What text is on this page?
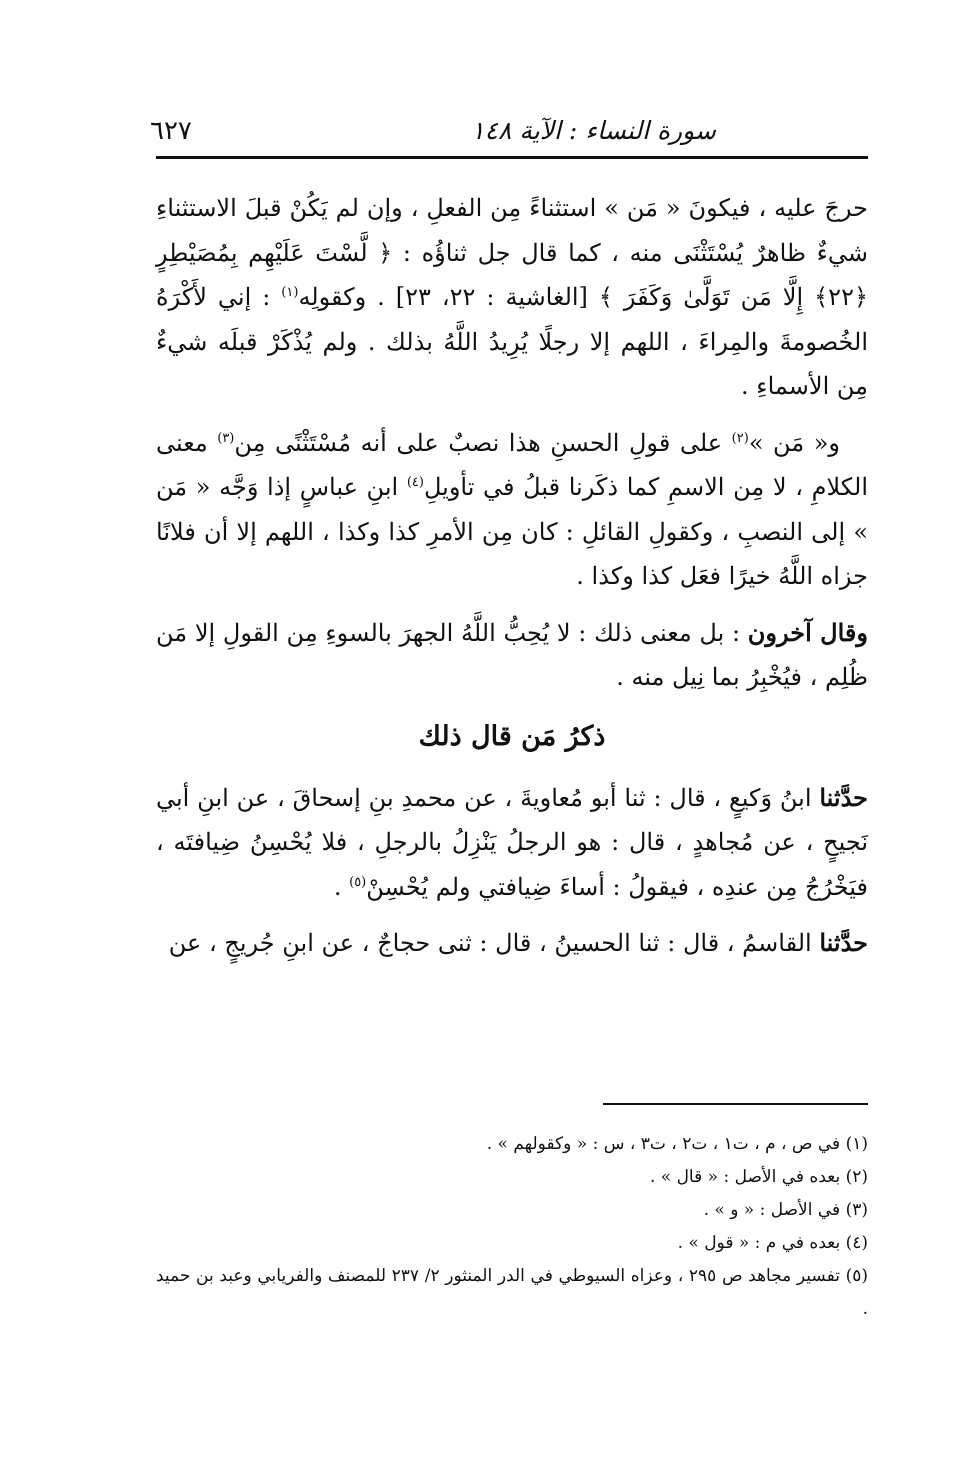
سورة النساء : الآية ١٤٨
٦٢٧

حرجَ عليه ، فيكونَ « مَن » استثناءً مِن الفعلِ ، وإن لم يَكُنْ قبلَ الاستثناءِ شيءٌ ظاهرٌ يُسْتَثْنَى منه ، كما قال جل ثناؤُه : ﴿ لَّسْتَ عَلَيْهِم بِمُصَيْطِرٍ ﴿٢٢﴾ إِلَّا مَن تَوَلَّىٰ وَكَفَرَ ﴾ [الغاشية : ٢٢، ٢٣] . وكقولِه$^{(١)}$ : إني لأَكْرَهُ الخُصومةَ والمِراءَ ، اللهم إلا رجلًا يُرِيدُ اللَّهُ بذلك . ولم يُذْكَرْ قبلَه شيءٌ مِن الأسماءِ .

و« مَن »$^{(٢)}$ على قولِ الحسنِ هذا نصبٌ على أنه مُسْتَثْنًى مِن$^{(٣)}$ معنى الكلامِ ، لا مِن الاسمِ كما ذكَرنا قبلُ في تأويلِ$^{(٤)}$ ابنِ عباسٍ إذا وَجَّه « مَن » إلى النصبِ ، وكقولِ القائلِ : كان مِن الأمرِ كذا وكذا ، اللهم إلا أن فلانًا جزاه اللَّهُ خيرًا فعَل كذا وكذا .

وقال آخرون : بل معنى ذلك : لا يُحِبُّ اللَّهُ الجهرَ بالسوءِ مِن القولِ إلا مَن ظُلِم ، فيُخْبِرُ بما نِيل منه .

ذكرُ مَن قال ذلك

حدَّثنا ابنُ وَكيعٍ ، قال : ثنا أبو مُعاويةَ ، عن محمدِ بنِ إسحاقَ ، عن ابنِ أبي نَجيحٍ ، عن مُجاهدٍ ، قال : هو الرجلُ يَنْزِلُ بالرجلِ ، فلا يُحْسِنُ ضِيافتَه ، فيَخْرُجُ مِن عندِه ، فيقولُ : أساءَ ضِيافتي ولم يُحْسِنْ$^{(٥)}$ .

حدَّثنا القاسمُ ، قال : ثنا الحسينُ ، قال : ثنى حجاجٌ ، عن ابنِ جُريجٍ ، عن

(١) في ص ، م ، ت١ ، ت٢ ، ت٣ ، س : « وكقولهم » .

(٢) بعده في الأصل : « قال » .

(٣) في الأصل : « و » .

(٤) بعده في م : « قول » .

(٥) تفسير مجاهد ص ٢٩٥ ، وعزاه السيوطي في الدر المنثور ٢/ ٢٣٧ للمصنف والفريابي وعبد بن حميد .
